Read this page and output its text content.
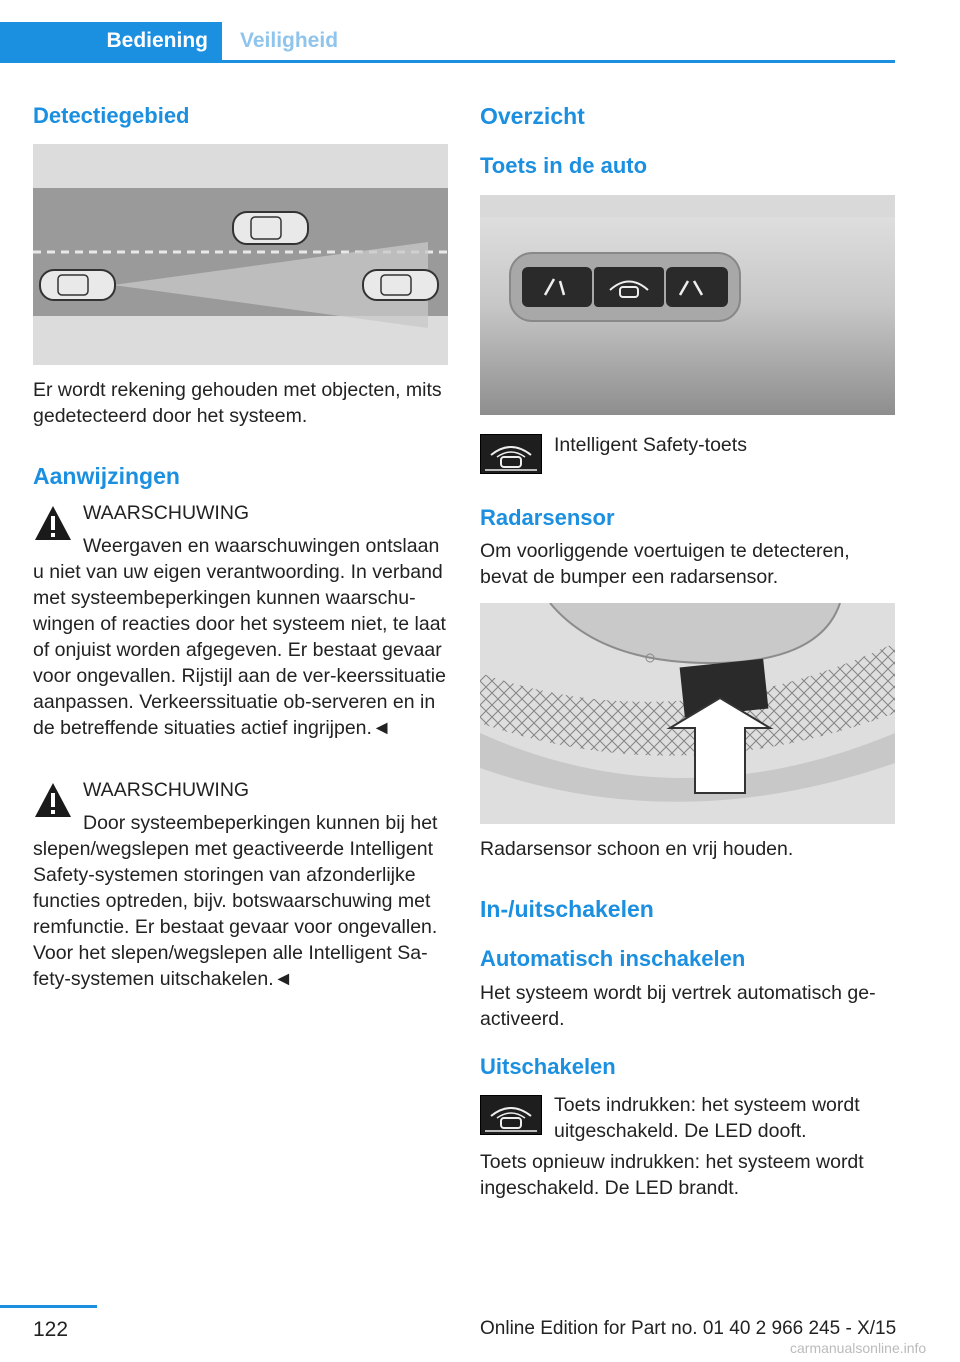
Bediening	Veiligheid
Detectiegebied

Er wordt rekening gehouden met objecten, mits gedetecteerd door het systeem.

Aanwijzingen

WAARSCHUWING

Weergaven en waarschuwingen ontslaan u niet van uw eigen verantwoording. In verband met systeembeperkingen kunnen waarschu-wingen of reacties door het systeem niet, te laat of onjuist worden afgegeven. Er bestaat gevaar voor ongevallen. Rijstijl aan de ver-keerssituatie aanpassen. Verkeerssituatie ob-serveren en in de betreffende situaties actief ingrijpen.◄

WAARSCHUWING

Door systeembeperkingen kunnen bij het slepen/wegslepen met geactiveerde Intelligent Safety-systemen storingen van afzonderlijke functies optreden, bijv. botswaarschuwing met remfunctie. Er bestaat gevaar voor ongevallen. Voor het slepen/wegslepen alle Intelligent Sa-fety-systemen uitschakelen.◄

Overzicht
Toets in de auto

Intelligent Safety-toets

Radarsensor

Om voorliggende voertuigen te detecteren, bevat de bumper een radarsensor.

Radarsensor schoon en vrij houden.

In-/uitschakelen
Automatisch inschakelen

Het systeem wordt bij vertrek automatisch ge-activeerd.

Uitschakelen

Toets indrukken: het systeem wordt uitgeschakeld. De LED dooft.

Toets opnieuw indrukken: het systeem wordt ingeschakeld. De LED brandt.

122	Online Edition for Part no. 01 40 2 966 245 - X/15
carmanualsonline.info
